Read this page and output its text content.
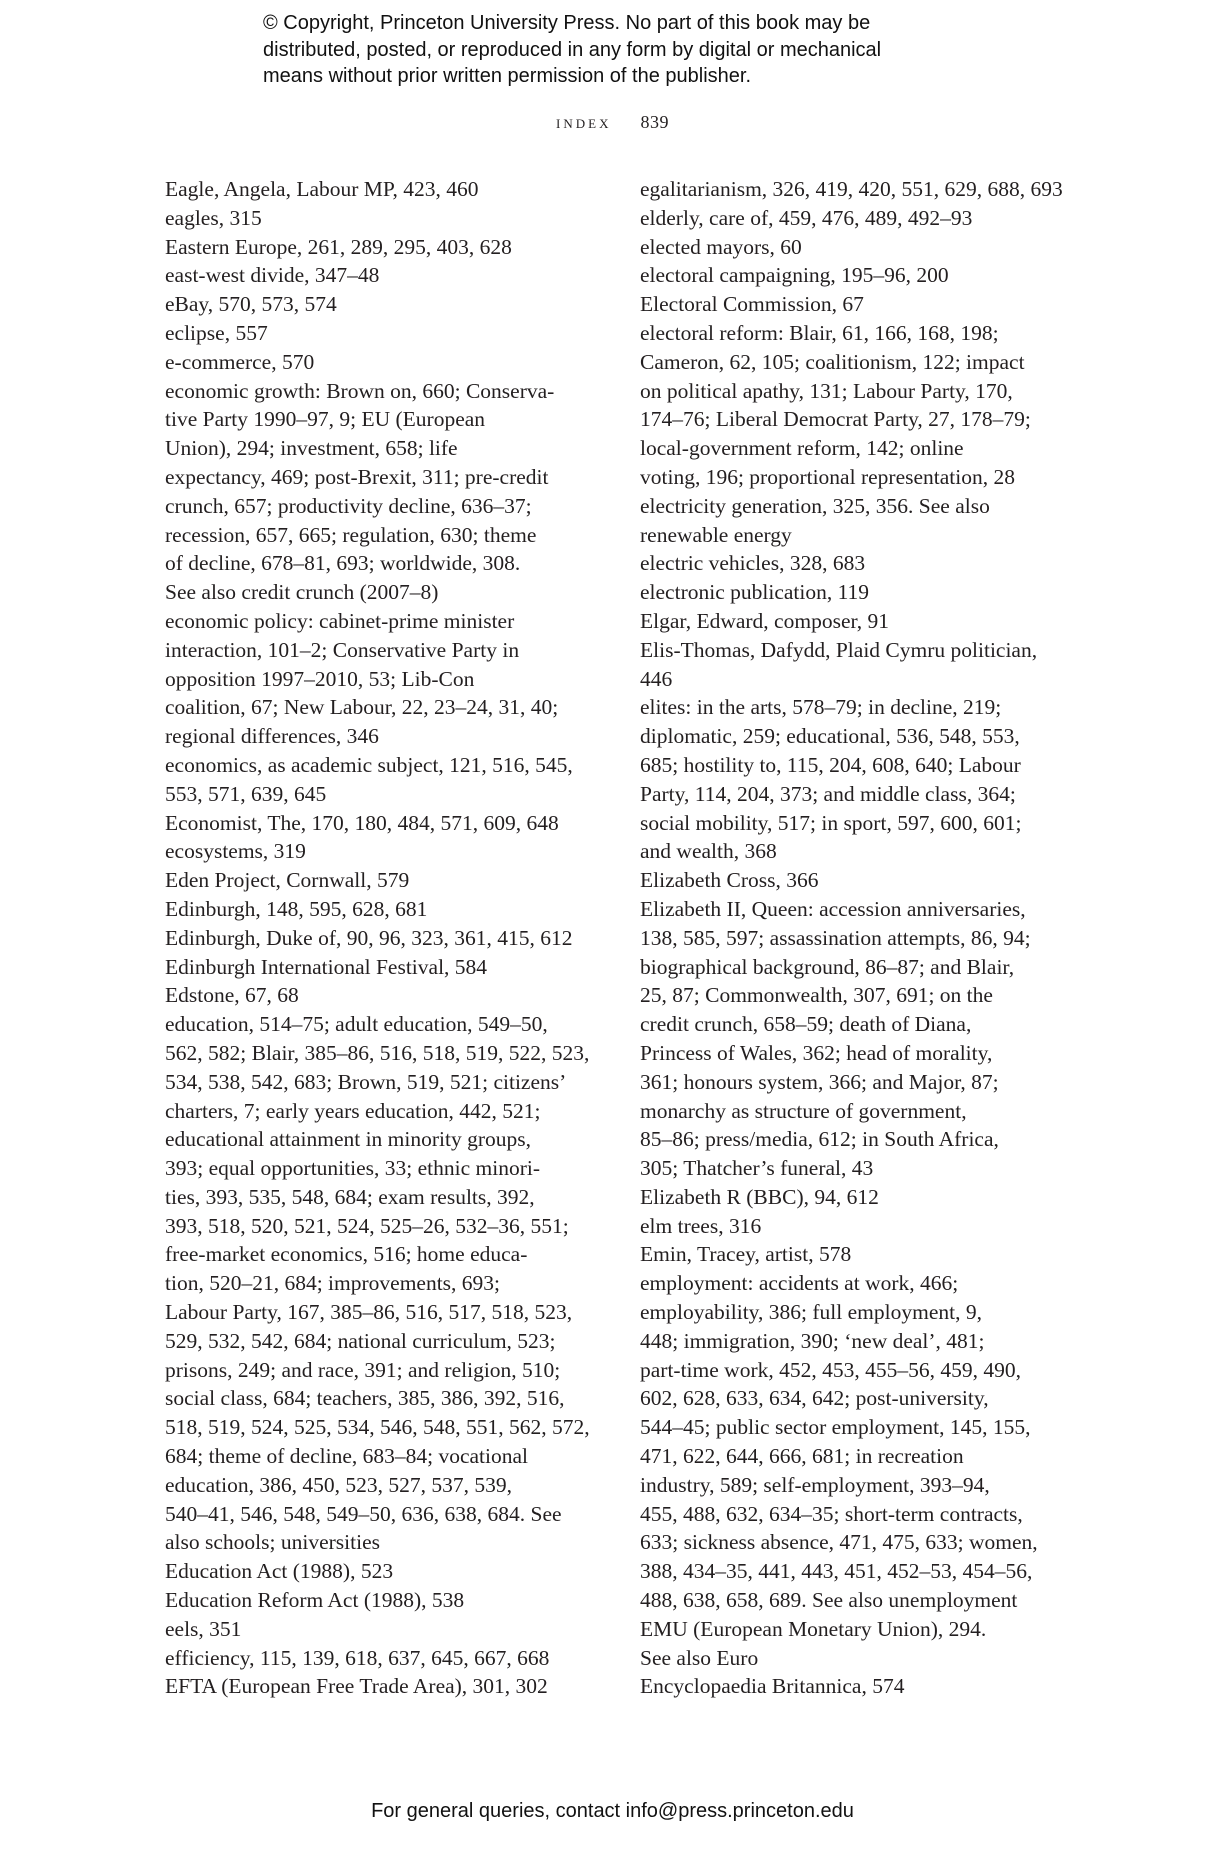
© Copyright, Princeton University Press. No part of this book may be
distributed, posted, or reproduced in any form by digital or mechanical
means without prior written permission of the publisher.
index 839
Eagle, Angela, Labour MP, 423, 460
eagles, 315
Eastern Europe, 261, 289, 295, 403, 628
east-west divide, 347–48
eBay, 570, 573, 574
eclipse, 557
e-commerce, 570
economic growth: Brown on, 660; Conserva-
tive Party 1990–97, 9; EU (European
Union), 294; investment, 658; life
expectancy, 469; post-Brexit, 311; pre-credit
crunch, 657; productivity decline, 636–37;
recession, 657, 665; regulation, 630; theme
of decline, 678–81, 693; worldwide, 308.
See also credit crunch (2007–8)
economic policy: cabinet-prime minister
interaction, 101–2; Conservative Party in
opposition 1997–2010, 53; Lib-Con
coalition, 67; New Labour, 22, 23–24, 31, 40;
regional differences, 346
economics, as academic subject, 121, 516, 545,
553, 571, 639, 645
Economist, The, 170, 180, 484, 571, 609, 648
ecosystems, 319
Eden Project, Cornwall, 579
Edinburgh, 148, 595, 628, 681
Edinburgh, Duke of, 90, 96, 323, 361, 415, 612
Edinburgh International Festival, 584
Edstone, 67, 68
education, 514–75; adult education, 549–50,
562, 582; Blair, 385–86, 516, 518, 519, 522, 523,
534, 538, 542, 683; Brown, 519, 521; citizens’
charters, 7; early years education, 442, 521;
educational attainment in minority groups,
393; equal opportunities, 33; ethnic minori-
ties, 393, 535, 548, 684; exam results, 392,
393, 518, 520, 521, 524, 525–26, 532–36, 551;
free-market economics, 516; home educa-
tion, 520–21, 684; improvements, 693;
Labour Party, 167, 385–86, 516, 517, 518, 523,
529, 532, 542, 684; national curriculum, 523;
prisons, 249; and race, 391; and religion, 510;
social class, 684; teachers, 385, 386, 392, 516,
518, 519, 524, 525, 534, 546, 548, 551, 562, 572,
684; theme of decline, 683–84; vocational
education, 386, 450, 523, 527, 537, 539,
540–41, 546, 548, 549–50, 636, 638, 684. See
also schools; universities
Education Act (1988), 523
Education Reform Act (1988), 538
eels, 351
efficiency, 115, 139, 618, 637, 645, 667, 668
EFTA (European Free Trade Area), 301, 302
egalitarianism, 326, 419, 420, 551, 629, 688, 693
elderly, care of, 459, 476, 489, 492–93
elected mayors, 60
electoral campaigning, 195–96, 200
Electoral Commission, 67
electoral reform: Blair, 61, 166, 168, 198;
Cameron, 62, 105; coalitionism, 122; impact
on political apathy, 131; Labour Party, 170,
174–76; Liberal Democrat Party, 27, 178–79;
local-government reform, 142; online
voting, 196; proportional representation, 28
electricity generation, 325, 356. See also
renewable energy
electric vehicles, 328, 683
electronic publication, 119
Elgar, Edward, composer, 91
Elis-Thomas, Dafydd, Plaid Cymru politician,
446
elites: in the arts, 578–79; in decline, 219;
diplomatic, 259; educational, 536, 548, 553,
685; hostility to, 115, 204, 608, 640; Labour
Party, 114, 204, 373; and middle class, 364;
social mobility, 517; in sport, 597, 600, 601;
and wealth, 368
Elizabeth Cross, 366
Elizabeth II, Queen: accession anniversaries,
138, 585, 597; assassination attempts, 86, 94;
biographical background, 86–87; and Blair,
25, 87; Commonwealth, 307, 691; on the
credit crunch, 658–59; death of Diana,
Princess of Wales, 362; head of morality,
361; honours system, 366; and Major, 87;
monarchy as structure of government,
85–86; press/media, 612; in South Africa,
305; Thatcher’s funeral, 43
Elizabeth R (BBC), 94, 612
elm trees, 316
Emin, Tracey, artist, 578
employment: accidents at work, 466;
employability, 386; full employment, 9,
448; immigration, 390; ‘new deal’, 481;
part-time work, 452, 453, 455–56, 459, 490,
602, 628, 633, 634, 642; post-university,
544–45; public sector employment, 145, 155,
471, 622, 644, 666, 681; in recreation
industry, 589; self-employment, 393–94,
455, 488, 632, 634–35; short-term contracts,
633; sickness absence, 471, 475, 633; women,
388, 434–35, 441, 443, 451, 452–53, 454–56,
488, 638, 658, 689. See also unemployment
EMU (European Monetary Union), 294.
See also Euro
Encyclopaedia Britannica, 574
For general queries, contact info@press.princeton.edu
